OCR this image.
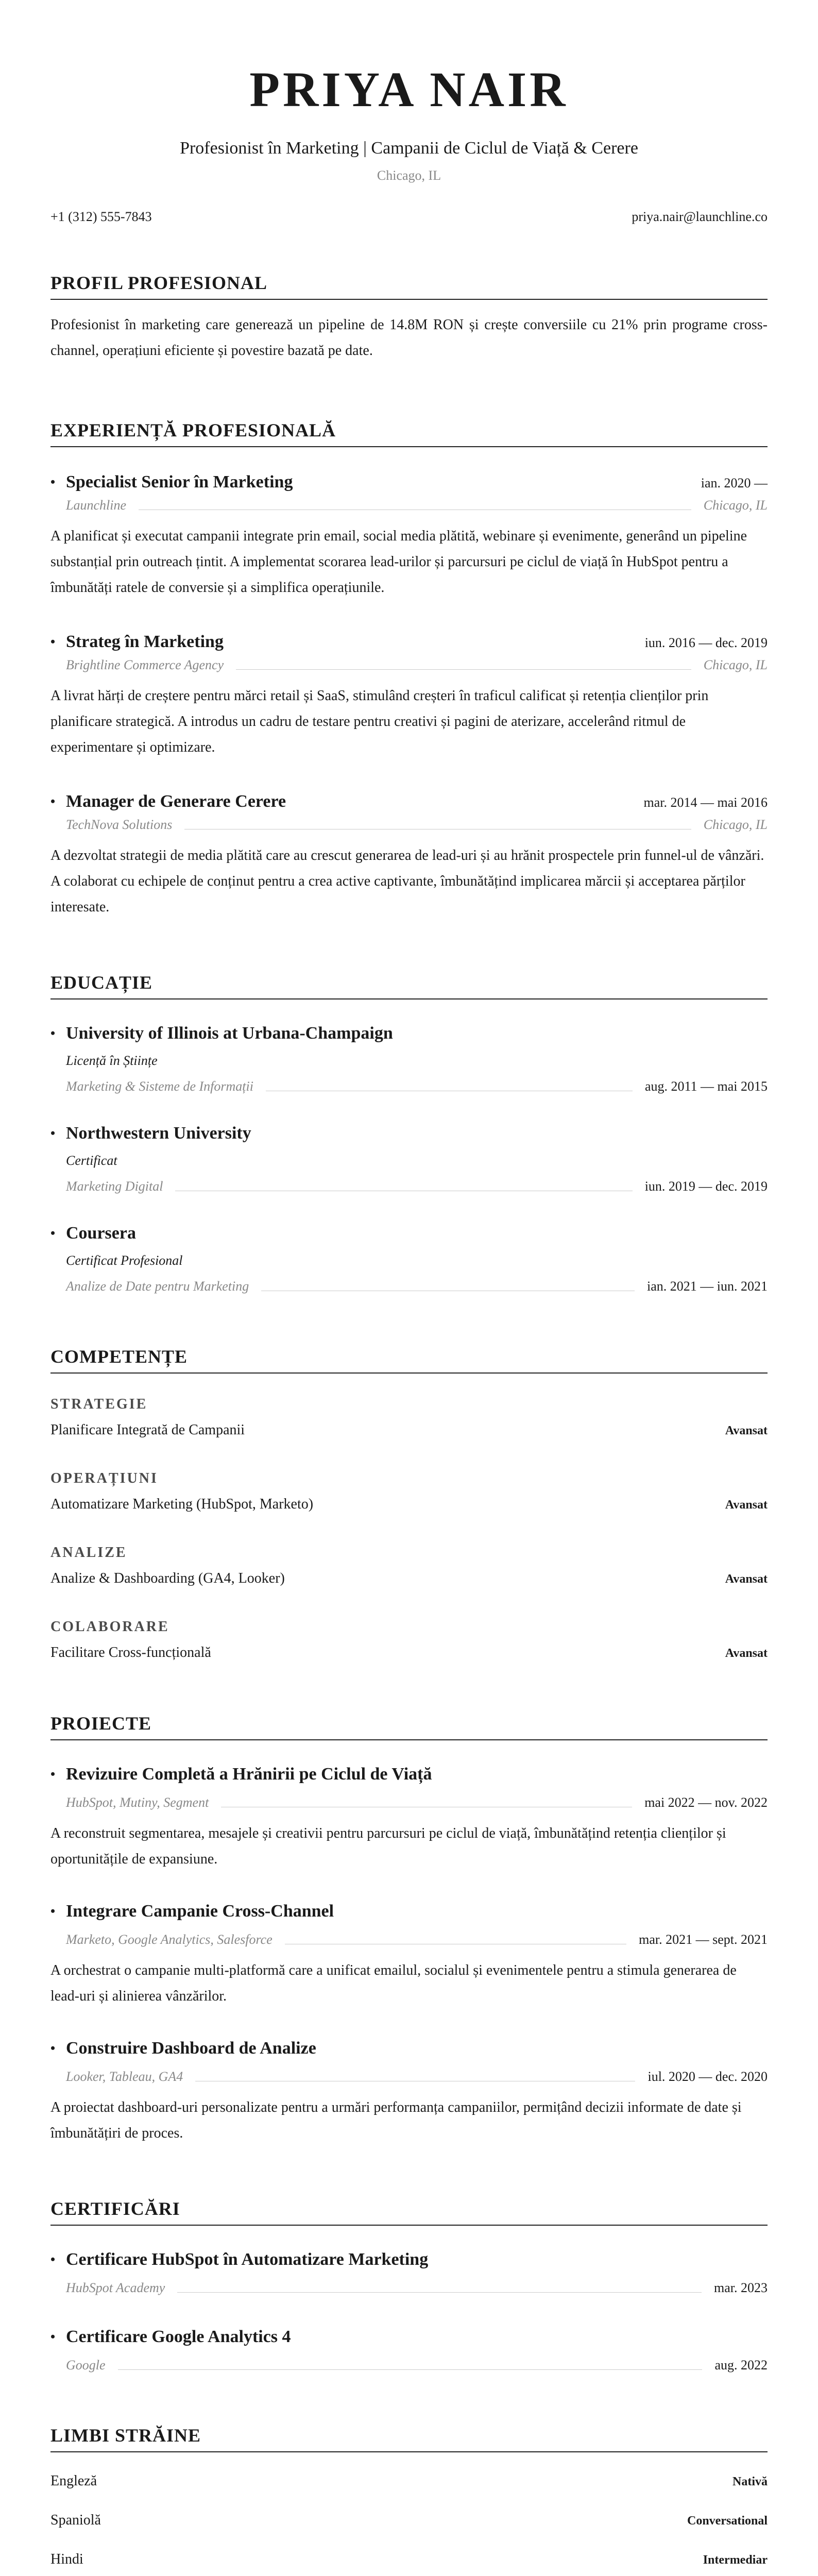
PRIYA NAIR
Profesionist în Marketing | Campanii de Ciclul de Viață & Cerere
Chicago, IL
+1 (312) 555-7843	priya.nair@launchline.co
PROFIL PROFESIONAL
Profesionist în marketing care generează un pipeline de 14.8M RON și crește conversiile cu 21% prin programe cross-channel, operațiuni eficiente și povestire bazată pe date.
EXPERIENȚĂ PROFESIONALĂ
• Specialist Senior în Marketing	ian. 2020 —
Launchline	Chicago, IL
A planificat și executat campanii integrate prin email, social media plătită, webinare și evenimente, generând un pipeline substanțial prin outreach țintit. A implementat scorarea lead-urilor și parcursuri pe ciclul de viață în HubSpot pentru a îmbunătăți ratele de conversie și a simplifica operațiunile.
• Strateg în Marketing	iun. 2016 — dec. 2019
Brightline Commerce Agency	Chicago, IL
A livrat hărți de creștere pentru mărci retail și SaaS, stimulând creșteri în traficul calificat și retenția clienților prin planificare strategică. A introdus un cadru de testare pentru creativi și pagini de aterizare, accelerând ritmul de experimentare și optimizare.
• Manager de Generare Cerere	mar. 2014 — mai 2016
TechNova Solutions	Chicago, IL
A dezvoltat strategii de media plătită care au crescut generarea de lead-uri și au hrănit prospectele prin funnel-ul de vânzări. A colaborat cu echipele de conținut pentru a crea active captivante, îmbunătățind implicarea mărcii și acceptarea părților interesate.
EDUCAȚIE
• University of Illinois at Urbana-Champaign
Licență în Științe
Marketing & Sisteme de Informații	aug. 2011 — mai 2015
• Northwestern University
Certificat
Marketing Digital	iun. 2019 — dec. 2019
• Coursera
Certificat Profesional
Analize de Date pentru Marketing	ian. 2021 — iun. 2021
COMPETENȚE
STRATEGIE
Planificare Integrată de Campanii	Avansat
OPERAȚIUNI
Automatizare Marketing (HubSpot, Marketo)	Avansat
ANALIZE
Analize & Dashboarding (GA4, Looker)	Avansat
COLABORARE
Facilitare Cross-funcțională	Avansat
PROIECTE
• Revizuire Completă a Hrănirii pe Ciclul de Viață
HubSpot, Mutiny, Segment	mai 2022 — nov. 2022
A reconstruit segmentarea, mesajele și creativii pentru parcursuri pe ciclul de viață, îmbunătățind retenția clienților și oportunitățile de expansiune.
• Integrare Campanie Cross-Channel
Marketo, Google Analytics, Salesforce	mar. 2021 — sept. 2021
A orchestrat o campanie multi-platformă care a unificat emailul, socialul și evenimentele pentru a stimula generarea de lead-uri și alinierea vânzărilor.
• Construire Dashboard de Analize
Looker, Tableau, GA4	iul. 2020 — dec. 2020
A proiectat dashboard-uri personalizate pentru a urmări performanța campaniilor, permițând decizii informate de date și îmbunătățiri de proces.
CERTIFICĂRI
• Certificare HubSpot în Automatizare Marketing
HubSpot Academy	mar. 2023
• Certificare Google Analytics 4
Google	aug. 2022
LIMBI STRĂINE
Engleză	Nativă
Spaniolă	Conversational
Hindi	Intermediar
